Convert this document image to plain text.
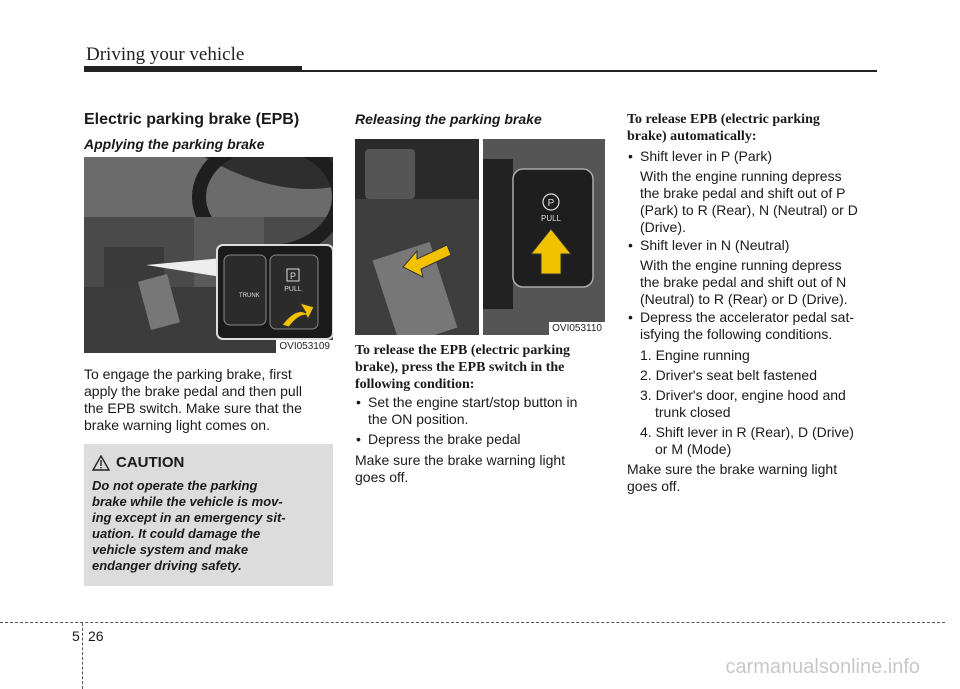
Driving your vehicle
Electric parking brake (EPB)
Applying the parking brake
P
PULL
TRUNK
OVI053109
To engage the parking brake, first
apply the brake pedal and then pull
the EPB switch. Make sure that the
brake warning light comes on.
CAUTION
Do not operate the parking
brake while the vehicle is mov-
ing except in an emergency sit-
uation. It could damage the
vehicle system and make
endanger driving safety.
Releasing the parking brake
P
PULL
OVI053110
To release the EPB (electric parking
brake), press the EPB switch in the
following condition:
• Set the engine start/stop button in
the ON position.
• Depress the brake pedal
Make sure the brake warning light
goes off.
To release EPB (electric parking
brake) automatically:
• Shift lever in P (Park)
With the engine running depress
the brake pedal and shift out of P
(Park) to R (Rear), N (Neutral) or D
(Drive).
• Shift lever in N (Neutral)
With the engine running depress
the brake pedal and shift out of N
(Neutral) to R (Rear) or D (Drive).
• Depress the accelerator pedal sat-
isfying the following conditions.
1. Engine running
2. Driver's seat belt fastened
3. Driver's door, engine hood and
trunk closed
4. Shift lever in R (Rear), D (Drive)
or M (Mode)
Make sure the brake warning light
goes off.
5 26
carmanualsonline.info
